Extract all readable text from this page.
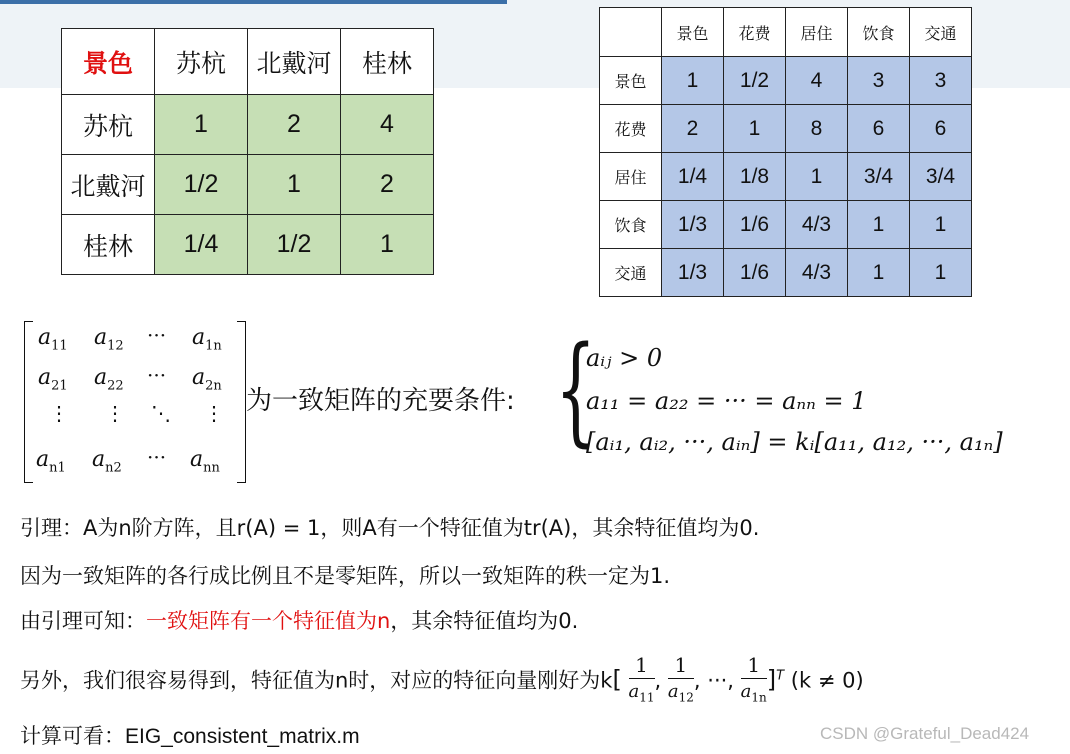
景色	苏杭	北戴河	桂林
苏杭	1	2	4
北戴河	1/2	1	2
桂林	1/4	1/2	1
	景色	花费	居住	饮食	交通
景色	1	1/2	4	3	3
花费	2	1	8	6	6
居住	1/4	1/8	1	3/4	3/4
饮食	1/3	1/6	4/3	1	1
交通	1/3	1/6	4/3	1	1
$a_{11}$ $a_{12}$ ··· $a_{1n}$
$a_{21}$ $a_{22}$ ··· $a_{2n}$
⋮ ⋮ ⋱ ⋮
$a_{n1}$ $a_{n2}$ ··· $a_{nn}$
为一致矩阵的充要条件: {
aᵢⱼ > 0
a₁₁ = a₂₂ = ··· = aₙₙ = 1
[aᵢ₁, aᵢ₂, ···, aᵢₙ] = kᵢ[a₁₁, a₁₂, ···, a₁ₙ]
引理：A为n阶方阵，且r(A) = 1，则A有一个特征值为tr(A)，其余特征值均为0.
因为一致矩阵的各行成比例且不是零矩阵，所以一致矩阵的秩一定为1.
由引理可知：一致矩阵有一个特征值为n，其余特征值均为0.
另外，我们很容易得到，特征值为n时，对应的特征向量刚好为$k[ \frac{1}{a_{11}}$ , $\frac{1}{a_{12}}$ , ···, $\frac{1}{a_{1n}} ]^T$ (k ≠ 0)
计算可看：EIG_consistent_matrix.m	CSDN @Grateful_Dead424
